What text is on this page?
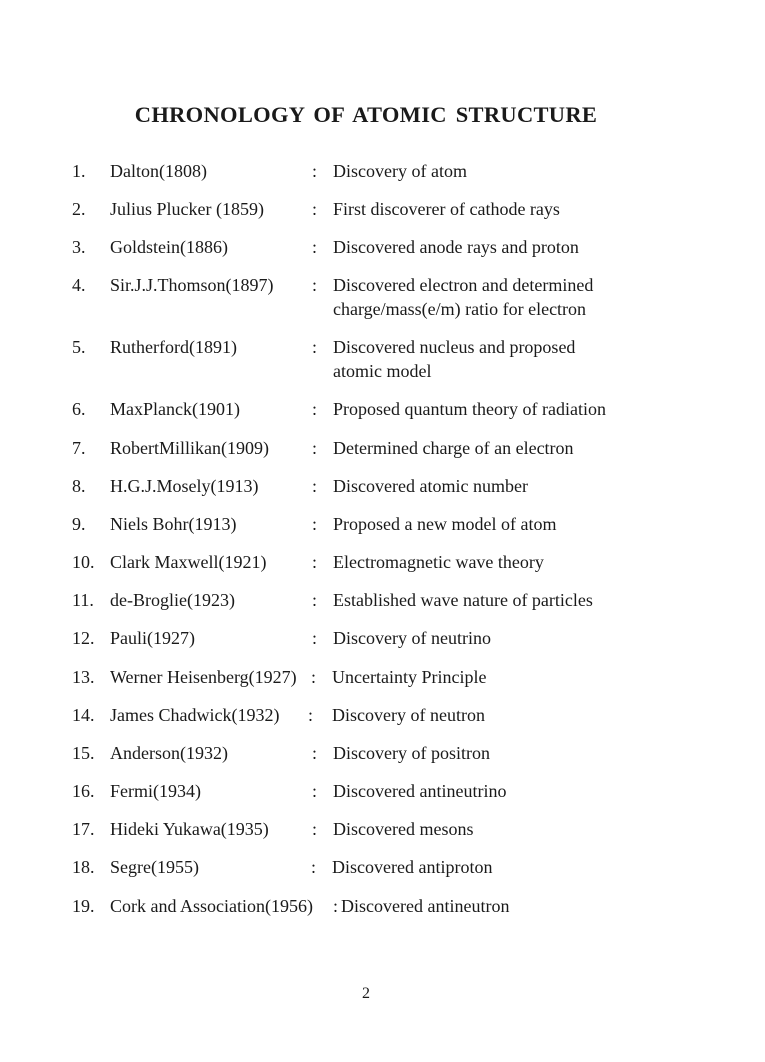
CHRONOLOGY OF ATOMIC STRUCTURE
1. Dalton(1808)	: Discovery of atom
2. Julius Plucker (1859)	: First discoverer of cathode rays
3. Goldstein(1886)	: Discovered anode rays and proton
4. Sir.J.J.Thomson(1897) : Discovered electron and determined charge/mass(e/m) ratio for electron
5. Rutherford(1891)	: Discovered nucleus and proposed atomic model
6. MaxPlanck(1901)	: Proposed quantum theory of radiation
7. RobertMillikan(1909) : Determined charge of an electron
8. H.G.J.Mosely(1913)	: Discovered atomic number
9. Niels Bohr(1913)	: Proposed a new model of atom
10. Clark Maxwell(1921)	: Electromagnetic wave theory
11. de-Broglie(1923)	: Established wave nature of particles
12. Pauli(1927)	: Discovery of neutrino
13. Werner Heisenberg(1927) : Uncertainty Principle
14. James Chadwick(1932) : Discovery of neutron
15. Anderson(1932)	: Discovery of positron
16. Fermi(1934)	: Discovered antineutrino
17. Hideki Yukawa(1935) : Discovered mesons
18. Segre(1955)	: Discovered antiproton
19. Cork and Association(1956) : Discovered antineutron
2
